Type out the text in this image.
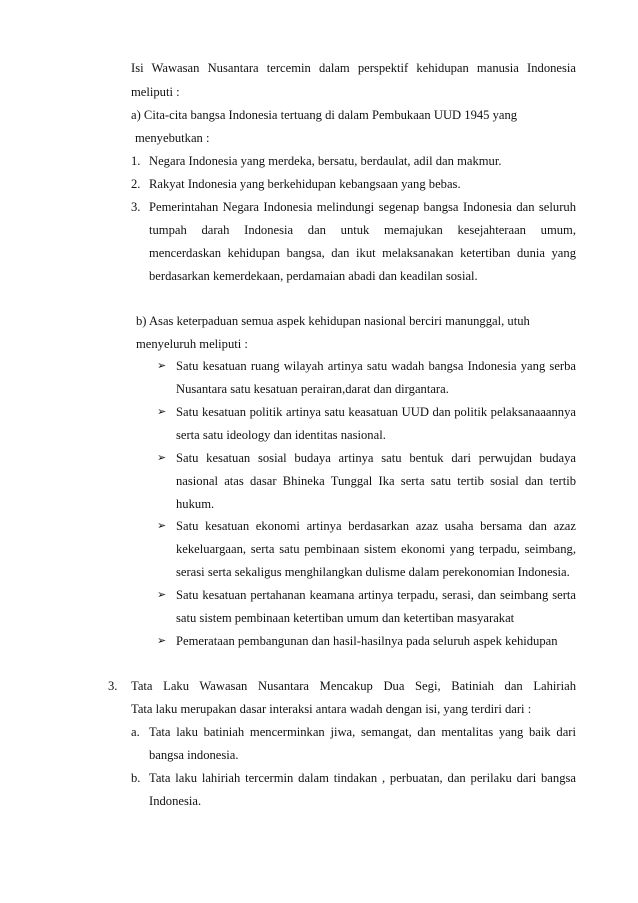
Isi Wawasan Nusantara tercemin dalam perspektif kehidupan manusia Indonesia
meliputi :
a) Cita-cita bangsa Indonesia tertuang di dalam Pembukaan UUD 1945 yang
menyebutkan :
1. Negara Indonesia yang merdeka, bersatu, berdaulat, adil dan makmur.
2. Rakyat Indonesia yang berkehidupan kebangsaan yang bebas.
3. Pemerintahan Negara Indonesia melindungi segenap bangsa Indonesia dan seluruh
tumpah darah Indonesia dan untuk memajukan kesejahteraan umum,
mencerdaskan kehidupan bangsa, dan ikut melaksanakan ketertiban dunia yang
berdasarkan kemerdekaan, perdamaian abadi dan keadilan sosial.
b) Asas keterpaduan semua aspek kehidupan nasional berciri manunggal, utuh
menyeluruh meliputi :
➢ Satu kesatuan ruang wilayah artinya satu wadah bangsa Indonesia yang serba
Nusantara satu kesatuan perairan,darat dan dirgantara.
➢ Satu kesatuan politik artinya satu keasatuan UUD dan politik pelaksanaaannya
serta satu ideology dan identitas nasional.
➢ Satu kesatuan sosial budaya artinya satu bentuk dari perwujdan budaya
nasional atas dasar Bhineka Tunggal Ika serta satu tertib sosial dan tertib
hukum.
➢ Satu kesatuan ekonomi artinya berdasarkan azaz usaha bersama dan azaz
kekeluargaan, serta satu pembinaan sistem ekonomi yang terpadu, seimbang,
serasi serta sekaligus menghilangkan dulisme dalam perekonomian Indonesia.
➢ Satu kesatuan pertahanan keamana artinya terpadu, serasi, dan seimbang serta
satu sistem pembinaan ketertiban umum dan ketertiban masyarakat
➢ Pemerataan pembangunan dan hasil-hasilnya pada seluruh aspek kehidupan
3. Tata Laku Wawasan Nusantara Mencakup Dua Segi, Batiniah dan Lahiriah
Tata laku merupakan dasar interaksi antara wadah dengan isi, yang terdiri dari :
a. Tata laku batiniah mencerminkan jiwa, semangat, dan mentalitas yang baik dari
bangsa indonesia.
b. Tata laku lahiriah tercermin dalam tindakan , perbuatan, dan perilaku dari bangsa
Indonesia.
